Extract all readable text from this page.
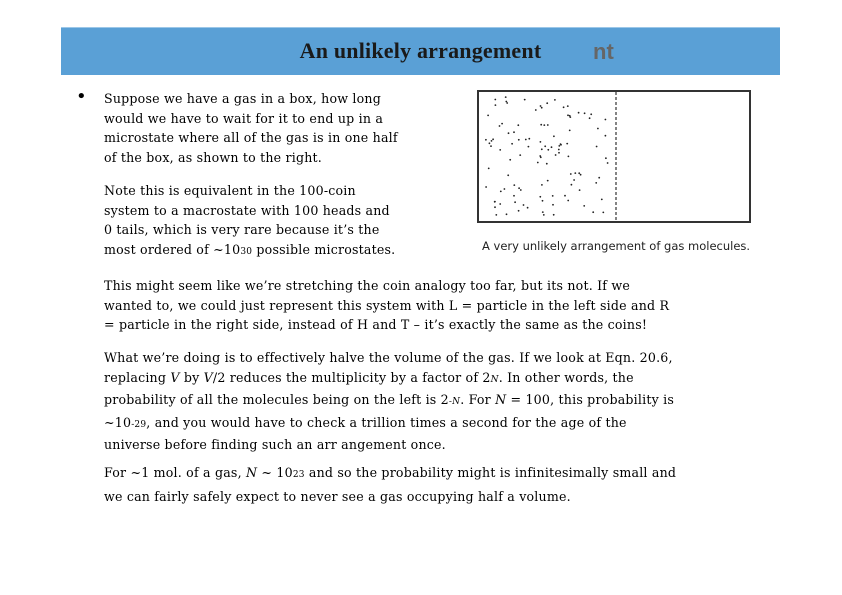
An unlikely arrangement	nt
• Suppose we have a gas in a box, how long
would we have to wait for it to end up in a
microstate where all of the gas is in one half
of the box, as shown to the right.
Note this is equivalent in the 100-coin
system to a macrostate with 100 heads and
0 tails, which is very rare because it’s the
most ordered of ~1030 possible microstates.	A very unlikely arrangement of gas molecules.
This might seem like we’re stretching the coin analogy too far, but its not. If we
wanted to, we could just represent this system with L = particle in the left side and R
= particle in the right side, instead of H and T – it’s exactly the same as the coins!
What we’re doing is to effectively halve the volume of the gas. If we look at Eqn. 20.6,
replacing V by V/2 reduces the multiplicity by a factor of 2N. In other words, the
probability of all the molecules being on the left is 2-N. For N = 100, this probability is
~10-29, and you would have to check a trillion times a second for the age of the
universe before finding such an arr angement once.
For ~1 mol. of a gas, N ~ 1023 and so the probability might is infinitesimally small and
we can fairly safely expect to never see a gas occupying half a volume.
